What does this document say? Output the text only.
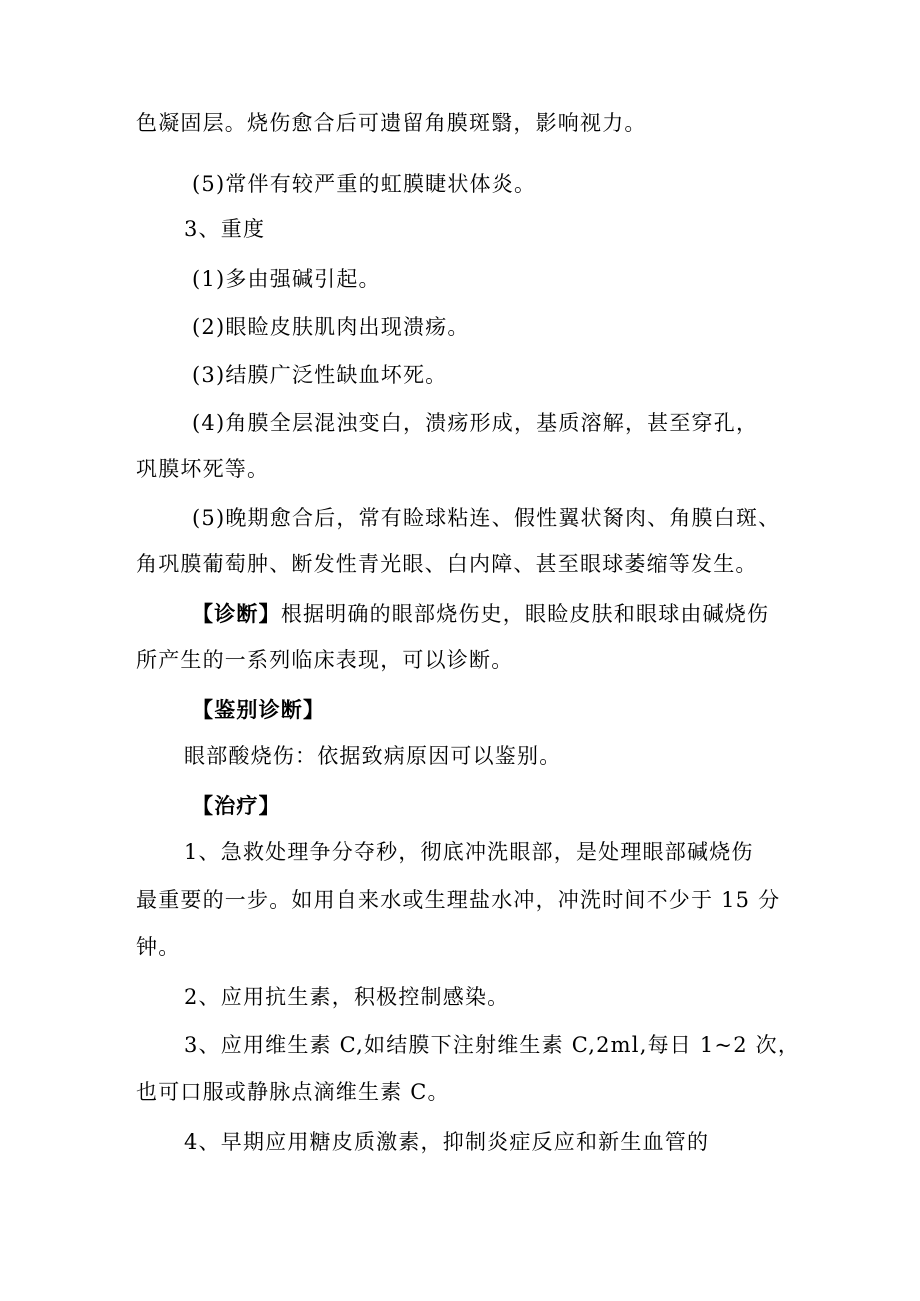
色凝固层。烧伤愈合后可遗留角膜斑翳，影响视力。
(5)常伴有较严重的虹膜睫状体炎。
3、重度
(1)多由强碱引起。
(2)眼睑皮肤肌肉出现溃疡。
(3)结膜广泛性缺血坏死。
(4)角膜全层混浊变白，溃疡形成，基质溶解，甚至穿孔，
巩膜坏死等。
(5)晚期愈合后，常有睑球粘连、假性翼状胬肉、角膜白斑、
角巩膜葡萄肿、断发性青光眼、白内障、甚至眼球萎缩等发生。
【诊断】根据明确的眼部烧伤史，眼睑皮肤和眼球由碱烧伤
所产生的一系列临床表现，可以诊断。
【鉴别诊断】
眼部酸烧伤：依据致病原因可以鉴别。
【治疗】
1、急救处理争分夺秒，彻底冲洗眼部，是处理眼部碱烧伤
最重要的一步。如用自来水或生理盐水冲，冲洗时间不少于 15 分
钟。
2、应用抗生素，积极控制感染。
3、应用维生素 C,如结膜下注射维生素 C,2ml,每日 1~2 次，
也可口服或静脉点滴维生素 C。
4、早期应用糖皮质激素，抑制炎症反应和新生血管的
